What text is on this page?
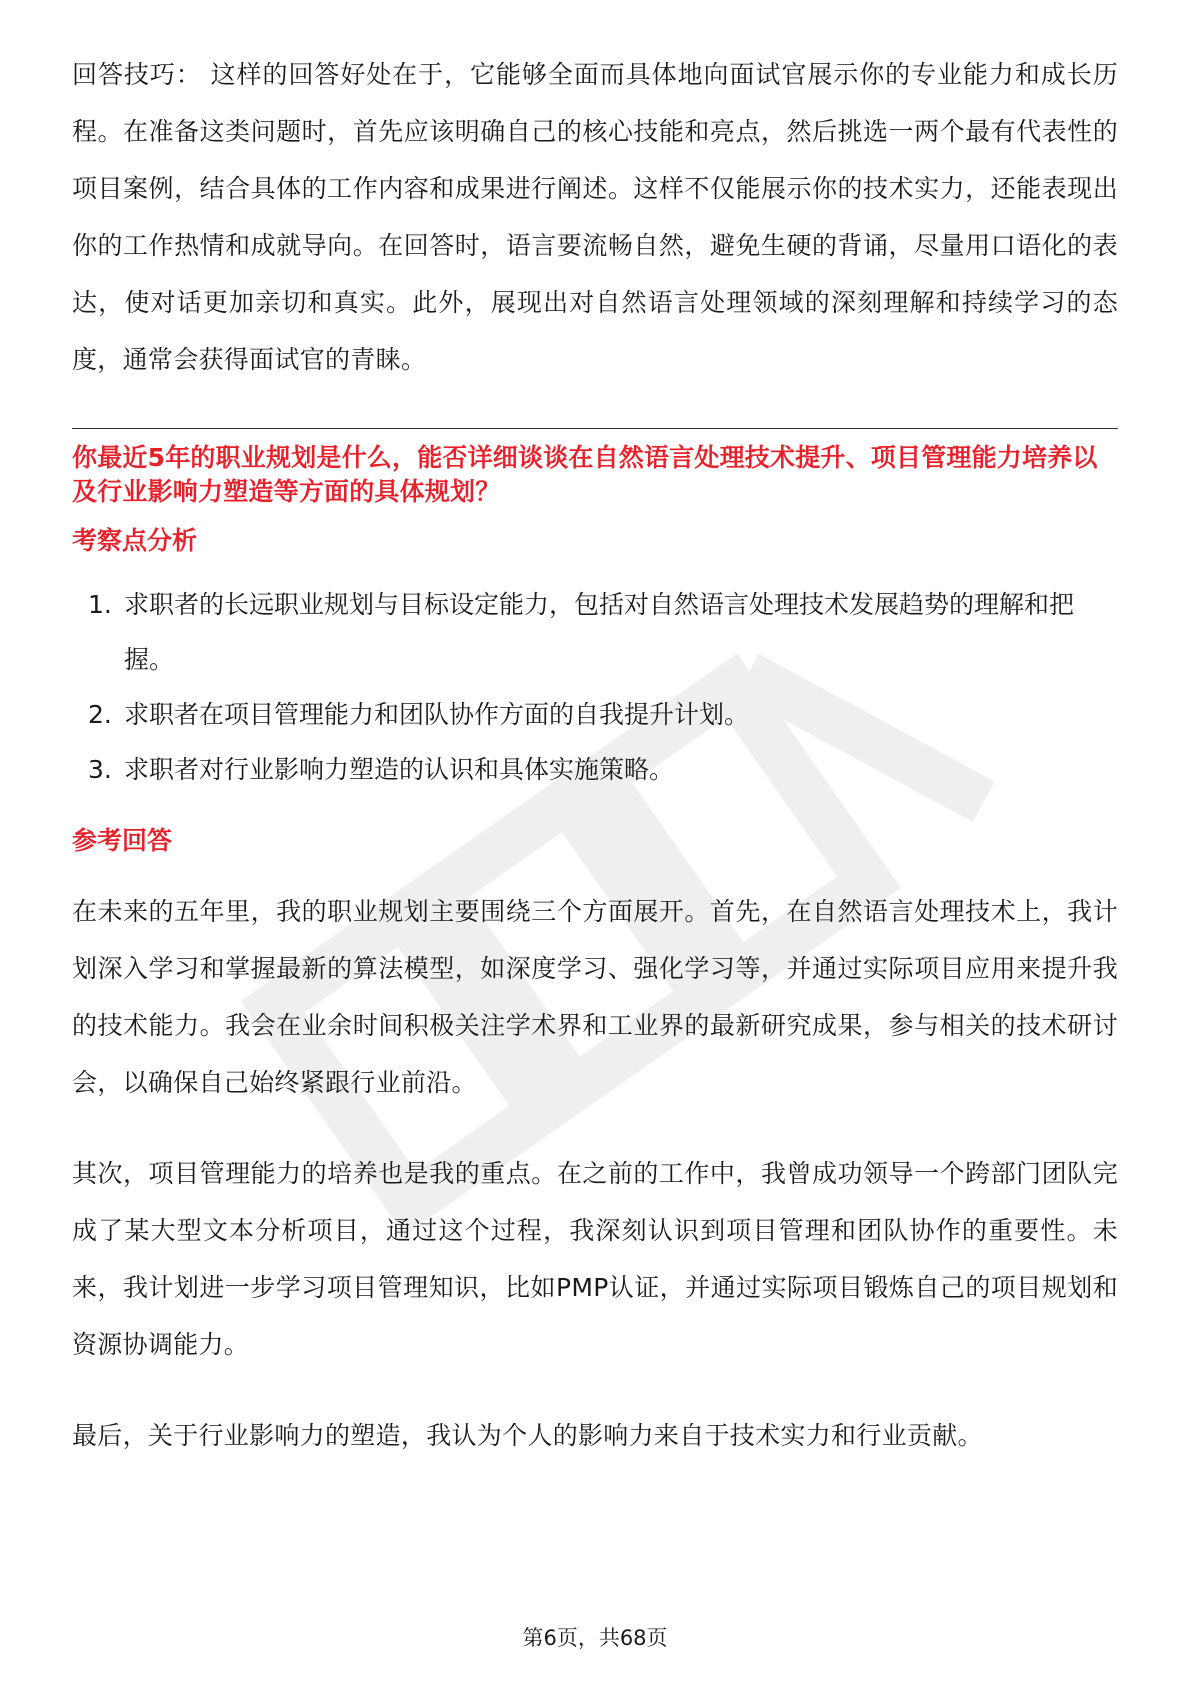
回答技巧： 这样的回答好处在于，它能够全面而具体地向面试官展示你的专业能力和成长历程。在准备这类问题时，首先应该明确自己的核心技能和亮点，然后挑选一两个最有代表性的项目案例，结合具体的工作内容和成果进行阐述。这样不仅能展示你的技术实力，还能表现出你的工作热情和成就导向。在回答时，语言要流畅自然，避免生硬的背诵，尽量用口语化的表达，使对话更加亲切和真实。此外，展现出对自然语言处理领域的深刻理解和持续学习的态度，通常会获得面试官的青睐。

你最近5年的职业规划是什么，能否详细谈谈在自然语言处理技术提升、项目管理能力培养以及行业影响力塑造等方面的具体规划？

考察点分析
1. 求职者的长远职业规划与目标设定能力，包括对自然语言处理技术发展趋势的理解和把握。
2. 求职者在项目管理能力和团队协作方面的自我提升计划。
3. 求职者对行业影响力塑造的认识和具体实施策略。
参考回答

在未来的五年里，我的职业规划主要围绕三个方面展开。首先，在自然语言处理技术上，我计划深入学习和掌握最新的算法模型，如深度学习、强化学习等，并通过实际项目应用来提升我的技术能力。我会在业余时间积极关注学术界和工业界的最新研究成果，参与相关的技术研讨会，以确保自己始终紧跟行业前沿。

其次，项目管理能力的培养也是我的重点。在之前的工作中，我曾成功领导一个跨部门团队完成了某大型文本分析项目，通过这个过程，我深刻认识到项目管理和团队协作的重要性。未来，我计划进一步学习项目管理知识，比如PMP认证，并通过实际项目锻炼自己的项目规划和资源协调能力。

最后，关于行业影响力的塑造，我认为个人的影响力来自于技术实力和行业贡献。

第6页，共68页
